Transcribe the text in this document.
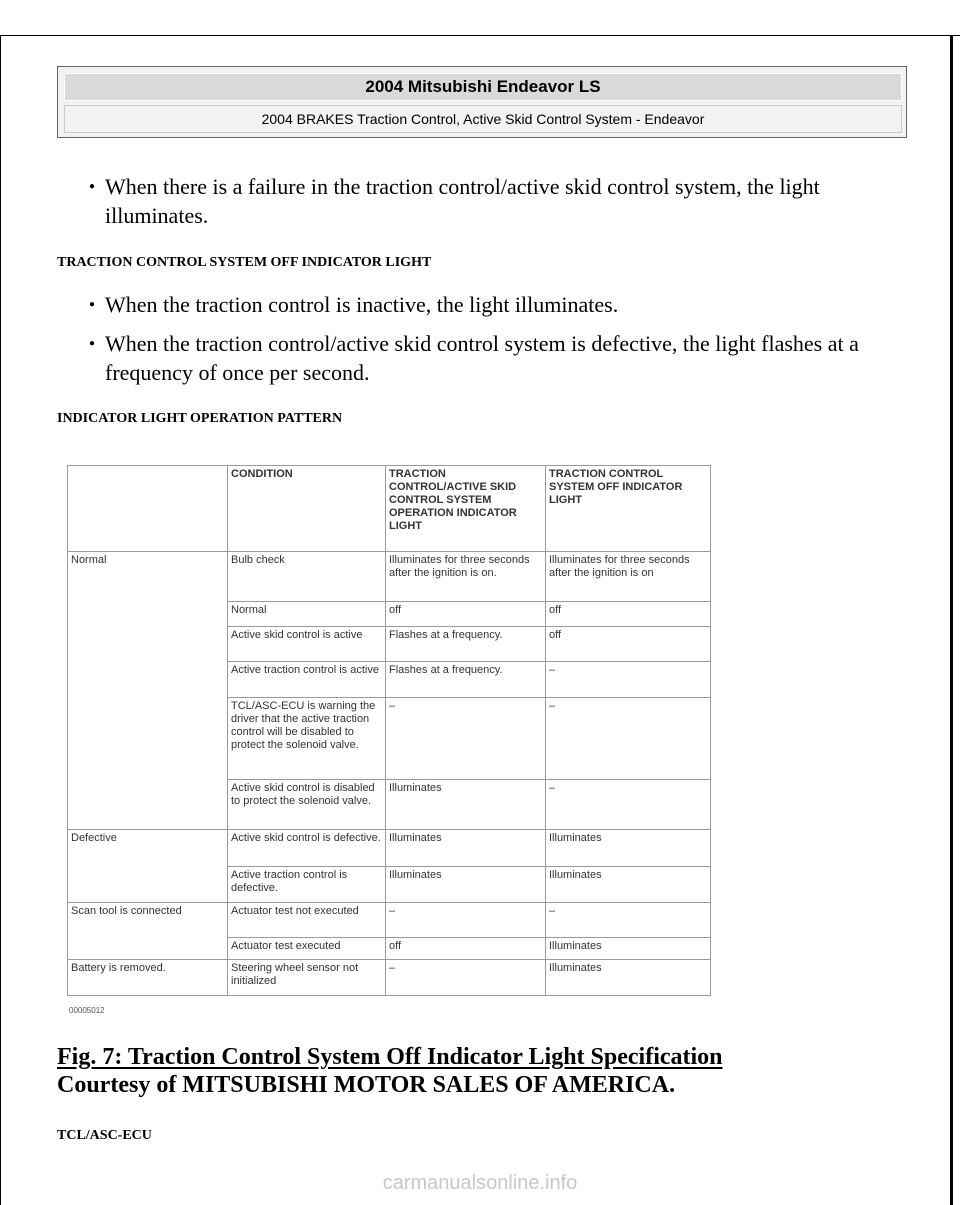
2004 Mitsubishi Endeavor LS
2004 BRAKES Traction Control, Active Skid Control System - Endeavor
● When there is a failure in the traction control/active skid control system, the light illuminates.
TRACTION CONTROL SYSTEM OFF INDICATOR LIGHT
● When the traction control is inactive, the light illuminates.
● When the traction control/active skid control system is defective, the light flashes at a frequency of once per second.
INDICATOR LIGHT OPERATION PATTERN
	CONDITION	TRACTION CONTROL/ACTIVE SKID CONTROL SYSTEM OPERATION INDICATOR LIGHT	TRACTION CONTROL SYSTEM OFF INDICATOR LIGHT
Normal	Bulb check	Illuminates for three seconds after the ignition is on.	Illuminates for three seconds after the ignition is on
	Normal	off	off
	Active skid control is active	Flashes at a frequency.	off
	Active traction control is active	Flashes at a frequency.	–
	TCL/ASC-ECU is warning the driver that the active traction control will be disabled to protect the solenoid valve.	–	–
	Active skid control is disabled to protect the solenoid valve.	Illuminates	–
Defective	Active skid control is defective.	Illuminates	Illuminates
	Active traction control is defective.	Illuminates	Illuminates
Scan tool is connected	Actuator test not executed	–	–
	Actuator test executed	off	Illuminates
Battery is removed.	Steering wheel sensor not initialized	–	Illuminates
00005012
Fig. 7: Traction Control System Off Indicator Light Specification
Courtesy of MITSUBISHI MOTOR SALES OF AMERICA.
TCL/ASC-ECU
carmanualsonline.info
